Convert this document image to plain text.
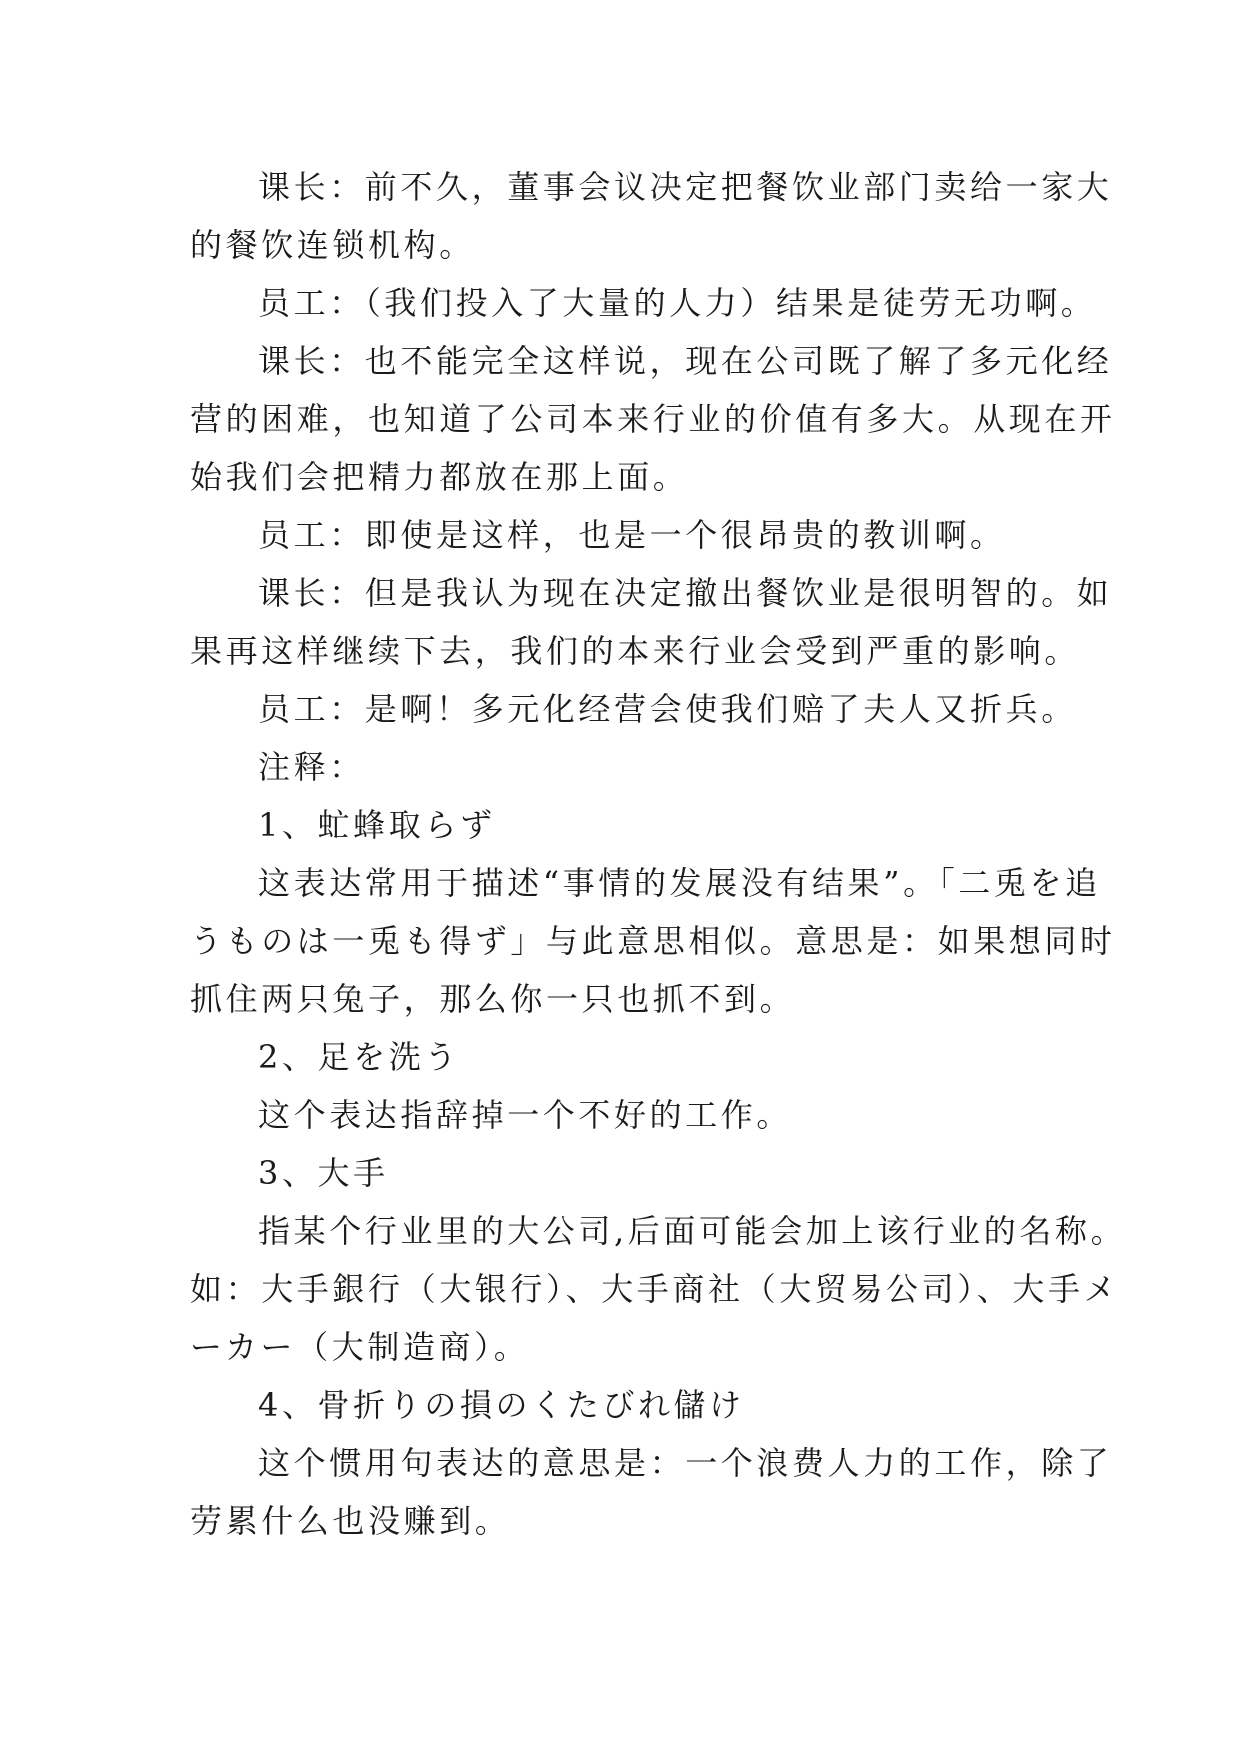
课长：前不久，董事会议决定把餐饮业部门卖给一家大
的餐饮连锁机构。
员工：（我们投入了大量的人力）结果是徒劳无功啊。
课长：也不能完全这样说，现在公司既了解了多元化经
营的困难，也知道了公司本来行业的价值有多大。从现在开
始我们会把精力都放在那上面。
员工：即使是这样，也是一个很昂贵的教训啊。
课长：但是我认为现在决定撤出餐饮业是很明智的。如
果再这样继续下去，我们的本来行业会受到严重的影响。
员工：是啊！多元化经营会使我们赔了夫人又折兵。
注释：
1、虻蜂取らず
这表达常用于描述“事情的发展没有结果”。「二兎を追
うものは一兎も得ず」与此意思相似。意思是：如果想同时
抓住两只兔子，那么你一只也抓不到。
2、足を洗う
这个表达指辞掉一个不好的工作。
3、大手
指某个行业里的大公司,后面可能会加上该行业的名称。
如：大手銀行（大银行）、大手商社（大贸易公司）、大手メ
ーカー（大制造商）。
4、骨折りの損のくたびれ儲け
这个惯用句表达的意思是：一个浪费人力的工作，除了
劳累什么也没赚到。
